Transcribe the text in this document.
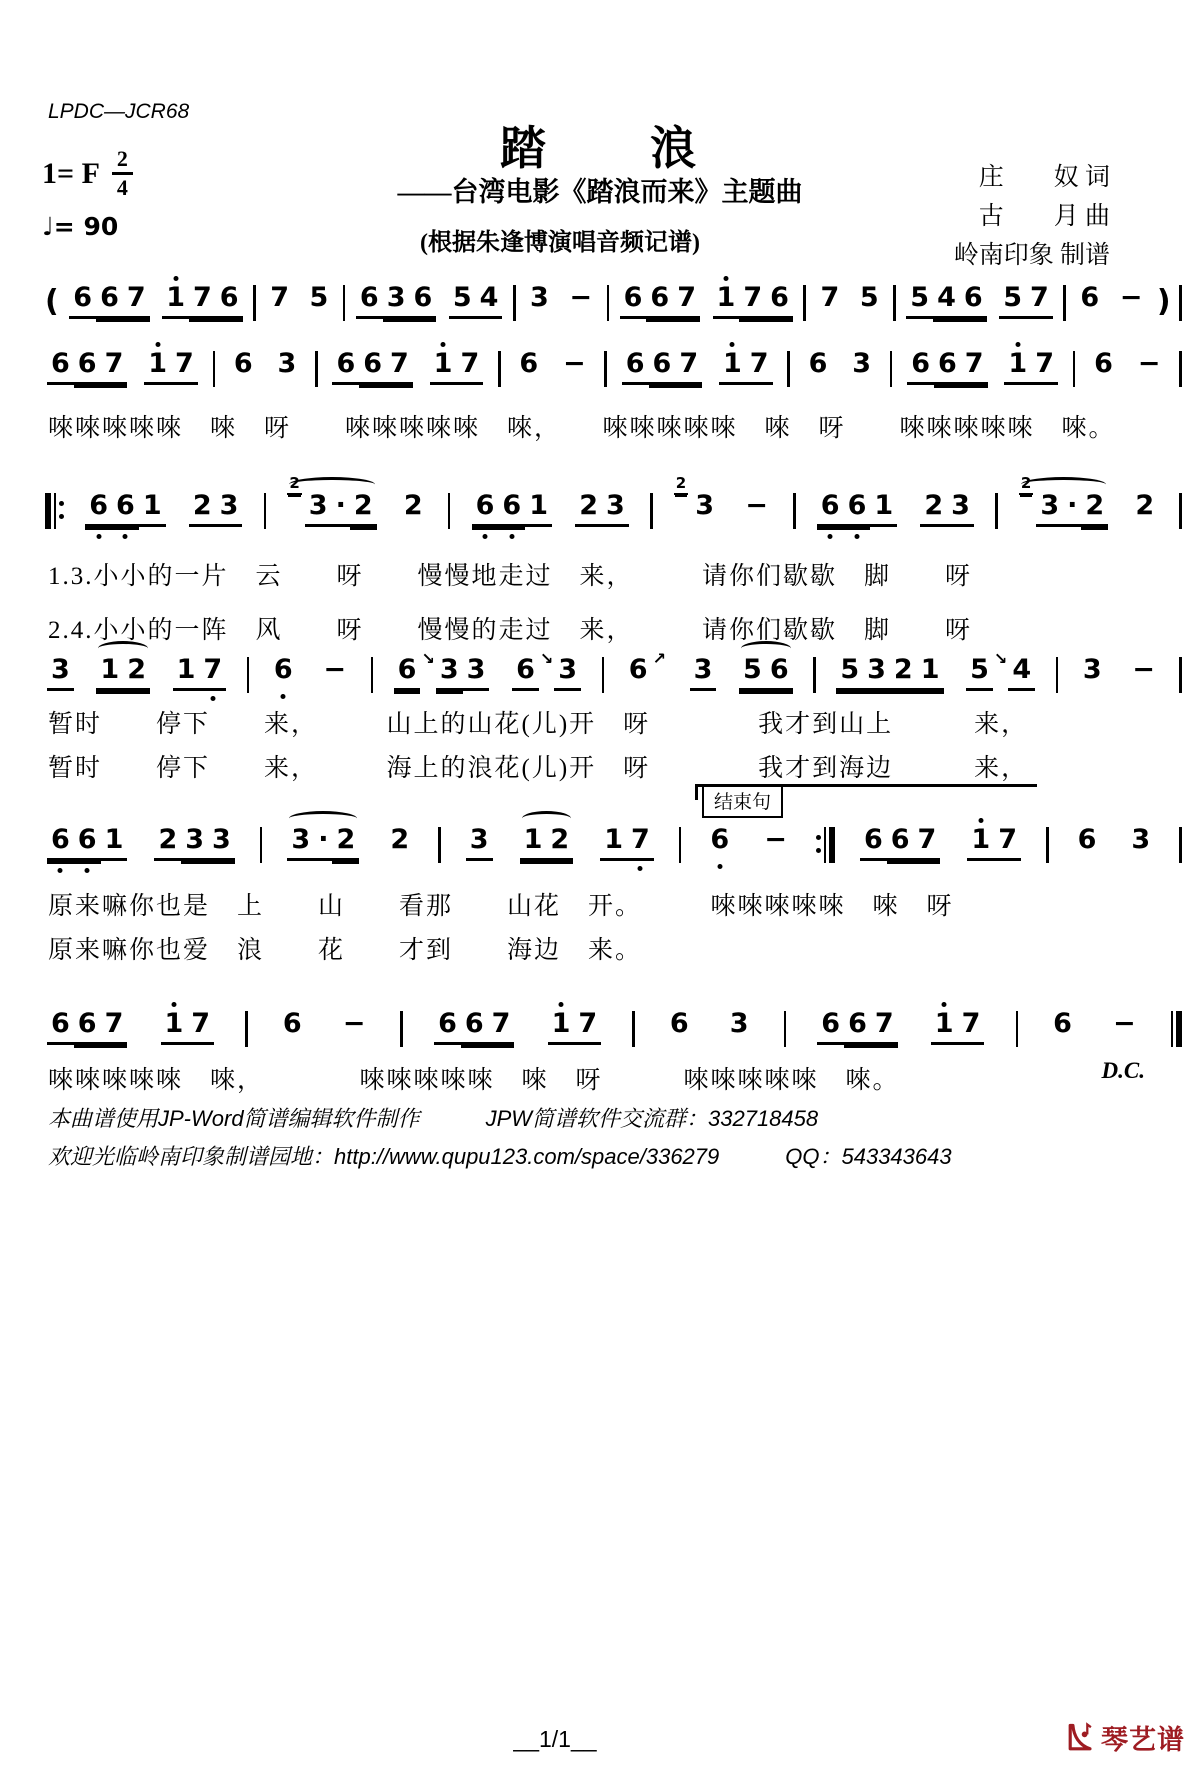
LPDC—JCR68
踏　　浪
——台湾电影《踏浪而来》主题曲
(根据朱逢博演唱音频记谱)
1= F $\frac{2}{4}$
♩= 90
庄　　奴 词
古　　月 曲
岭南印象 制谱
( 6 6 7 1 7 6 7 5 6 3 6 5 4 3 − 6 6 7 1 7 6 7 5 5 4 6 5 7 6 − )
6 6 7 1 7 6 3 6 6 7 1 7 6 − 6 6 7 1 7 6 3 6 6 7 1 7 6 −
唻唻唻唻唻　唻　呀　　唻唻唻唻唻　唻，　　唻唻唻唻唻　唻　呀　　唻唻唻唻唻　唻。
6 6 1 2 3
2
3 · 2 2 6 6 1 2 3
2
3 − 6 6 1 2 3
2
3 · 2 2
1.3.小小的一片　云　　呀　　慢慢地走过　来，　　　请你们歇歇　脚　　呀
2.4.小小的一阵　风　　呀　　慢慢的走过　来，　　　请你们歇歇　脚　　呀
3 1 2 1 7 6 − 6 ↘ 3 3 6 ↘ 3 6 ↗ 3 5 6 5 3 2 1 5 ↘ 4 3 −
暂时　　停下　　来，　　　山上的山花(儿)开　呀　　　　我才到山上　　　来，
暂时　　停下　　来，　　　海上的浪花(儿)开　呀　　　　我才到海边　　　来，
结束句
6 6 1 2 3 3 3 · 2 2 3 1 2 1 7 6 −	6 6 7 1 7 6 3
原来嘛你也是　上　　山　　看那　　山花　开。　　　唻唻唻唻唻　唻　呀
原来嘛你也爱　浪　　花　　才到　　海边　来。
6 6 7 1 7	6 −	6 6 7 1 7	6 3	6 6 7 1 7	6 −
唻唻唻唻唻　唻，　　　　唻唻唻唻唻　唻　呀　　　唻唻唻唻唻　唻。	D.C.
本曲谱使用JP-Word简谱编辑软件制作　　　JPW简谱软件交流群：332718458
欢迎光临岭南印象制谱园地：http://www.qupu123.com/space/336279　　　QQ：543343643
__1/1__	琴艺谱
